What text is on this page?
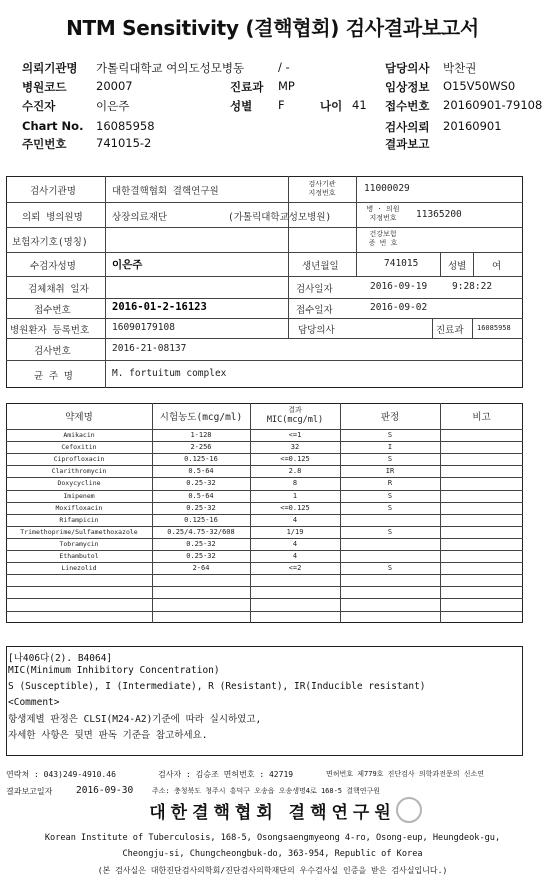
NTM Sensitivity (결핵협회) 검사결과보고서
의뢰기관명 가톨릭대학교 여의도성모병동	/ -	담당의사 박찬권
병원코드	20007	진료과 MP	임상정보 O15V50WS0
수진자	이은주	성별 F	나이 41 접수번호 20160901-79108
Chart No. 16085958	검사의뢰 20160901
주민번호	741015-2	결과보고
검사기관명	대한결핵협회 결핵연구원
검사기관
지정번호	11000029
의뢰 병의원명	상장의료재단	(가톨릭대학교성모병원)
병 · 의원
지정번호	11365200
보험자기호(명칭)
건강보험
증 번 호
수검자성명	이은주	생년월일	741015	성별	여
검체채취 일자	검사일자	2016-09-19	9:28:22
접수번호	2016-01-2-16123	접수일자	2016-09-02
병원환자 등록번호 16090179108	담당의사	진료과 16085958
검사번호	2016-21-08137
균 주 명	M. fortuitum complex
약제명	시험농도(mcg/ml)
결과
MIC(mcg/ml)	판정	비고
Amikacin	1-128	<=1	S
Cefoxitin	2-256	32	I
Ciprofloxacin	0.125-16	<=0.125	S
Clarithromycin	0.5-64	2.8	IR
Doxycycline	0.25-32	8	R
Imipenem	0.5-64	1	S
Moxifloxacin	0.25-32	<=0.125	S
Rifampicin	0.125-16	4
Trimethoprime/Sulfamethoxazole	0.25/4.75-32/608	1/19	S
Tobramycin	0.25-32	4
Ethambutol	0.25-32	4
Linezolid	2-64	<=2	S
[나406다(2). B4064]
MIC(Minimum Inhibitory Concentration)
S (Susceptible), I (Intermediate), R (Resistant), IR(Inducible resistant)
<Comment>
항생제별 판정은 CLSI(M24-A2)기준에 따라 실시하였고,
자세한 사항은 뒷면 판독 기준을 참고하세요.
연락처 : 043)249-4910.46	검사자 : 김승조 면허번호 : 42719	면허번호 제779호 진단검사 의학과전문의 신소연
결과보고일자 2016-09-30	주소: 충청북도 청주시 흥덕구 오송읍 오송생명4로 168-5 결핵연구원
대한결핵협회 결핵연구원
Korean Institute of Tuberculosis, 168-5, Osongsaengmyeong 4-ro, Osong-eup, Heungdeok-gu,
Cheongju-si, Chungcheongbuk-do, 363-954, Republic of Korea
(본 검사실은 대한진단검사의학회/진단검사의학재단의 우수검사실 인증을 받은 검사실입니다.)
